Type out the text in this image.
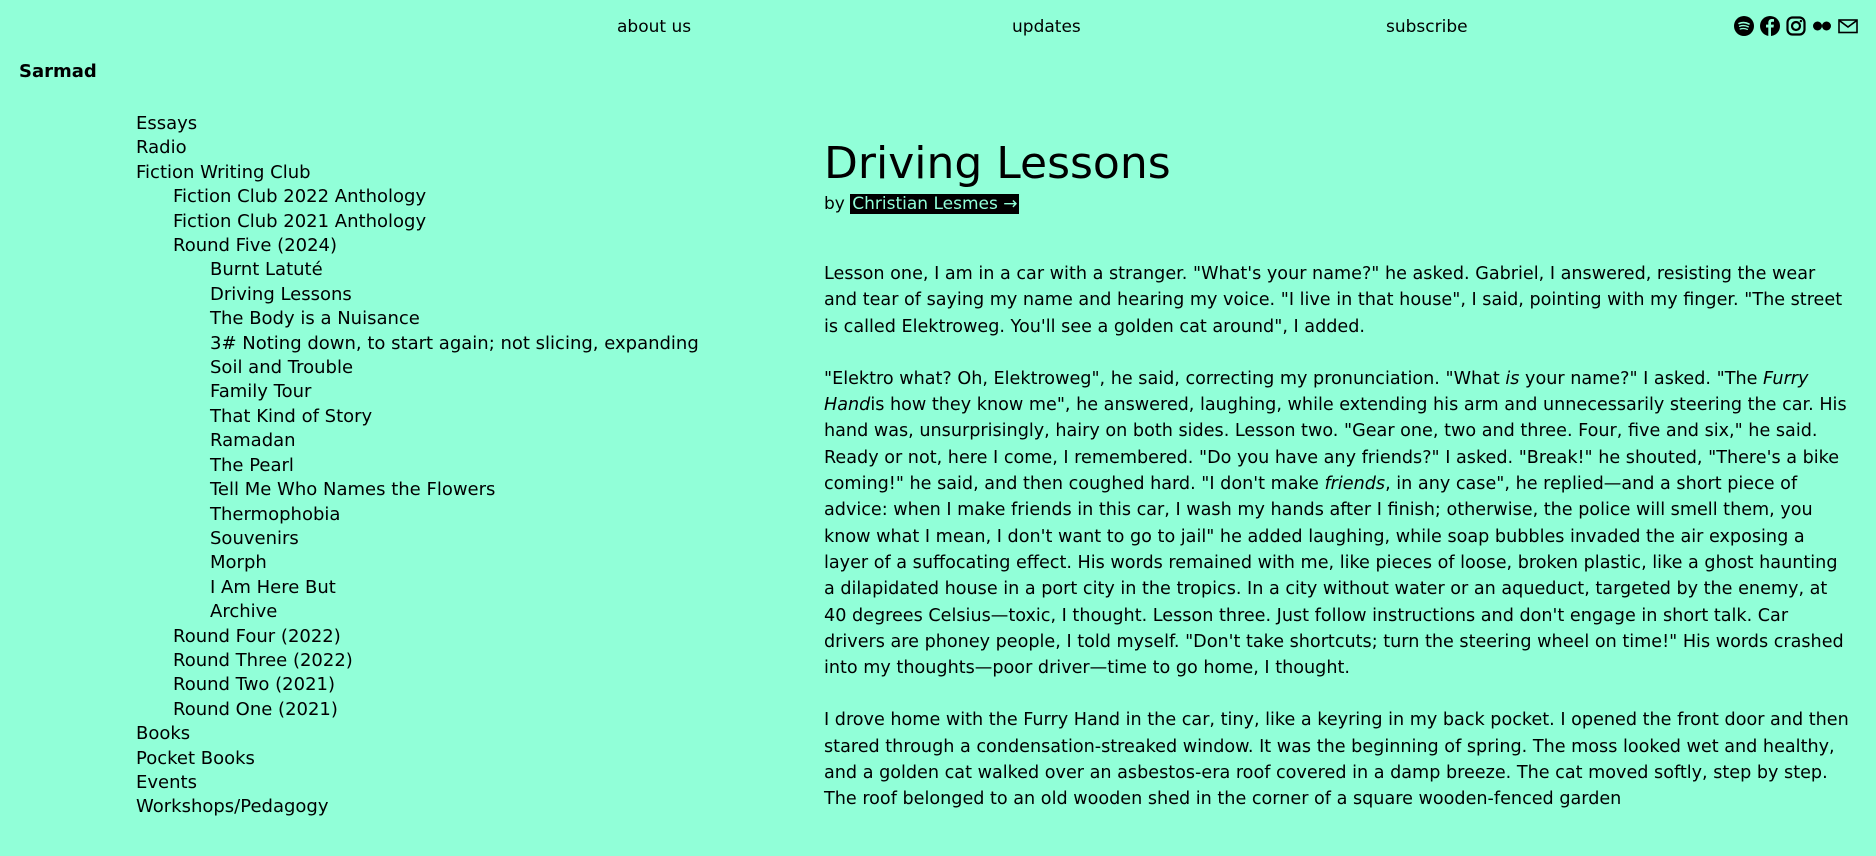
about us	updates	subscribe
Sarmad
Essays
Radio
Fiction Writing Club
Fiction Club 2022 Anthology
Fiction Club 2021 Anthology
Round Five (2024)
Burnt Latuté
Driving Lessons
The Body is a Nuisance
3# Noting down, to start again; not slicing, expanding
Soil and Trouble
Family Tour
That Kind of Story
Ramadan
The Pearl
Tell Me Who Names the Flowers
Thermophobia
Souvenirs
Morph
I Am Here But
Archive
Round Four (2022)
Round Three (2022)
Round Two (2021)
Round One (2021)
Books
Pocket Books
Events
Workshops/Pedagogy
Driving Lessons
by Christian Lesmes →

Lesson one, I am in a car with a stranger. "What's your name?" he asked. Gabriel, I answered, resisting the wear and tear of saying my name and hearing my voice. "I live in that house", I said, pointing with my finger. "The street is called Elektroweg. You'll see a golden cat around", I added.

"Elektro what? Oh, Elektroweg", he said, correcting my pronunciation. "What is your name?" I asked. "The Furry Handis how they know me", he answered, laughing, while extending his arm and unnecessarily steering the car. His hand was, unsurprisingly, hairy on both sides. Lesson two. "Gear one, two and three. Four, five and six," he said. Ready or not, here I come, I remembered. "Do you have any friends?" I asked. "Break!" he shouted, "There's a bike coming!" he said, and then coughed hard. "I don't make friends, in any case", he replied—and a short piece of advice: when I make friends in this car, I wash my hands after I finish; otherwise, the police will smell them, you know what I mean, I don't want to go to jail" he added laughing, while soap bubbles invaded the air exposing a layer of a suffocating effect. His words remained with me, like pieces of loose, broken plastic, like a ghost haunting a dilapidated house in a port city in the tropics. In a city without water or an aqueduct, targeted by the enemy, at 40 degrees Celsius—toxic, I thought. Lesson three. Just follow instructions and don't engage in short talk. Car drivers are phoney people, I told myself. "Don't take shortcuts; turn the steering wheel on time!" His words crashed into my thoughts—poor driver—time to go home, I thought.

I drove home with the Furry Hand in the car, tiny, like a keyring in my back pocket. I opened the front door and then stared through a condensation-streaked window. It was the beginning of spring. The moss looked wet and healthy, and a golden cat walked over an asbestos-era roof covered in a damp breeze. The cat moved softly, step by step. The roof belonged to an old wooden shed in the corner of a square wooden-fenced garden
